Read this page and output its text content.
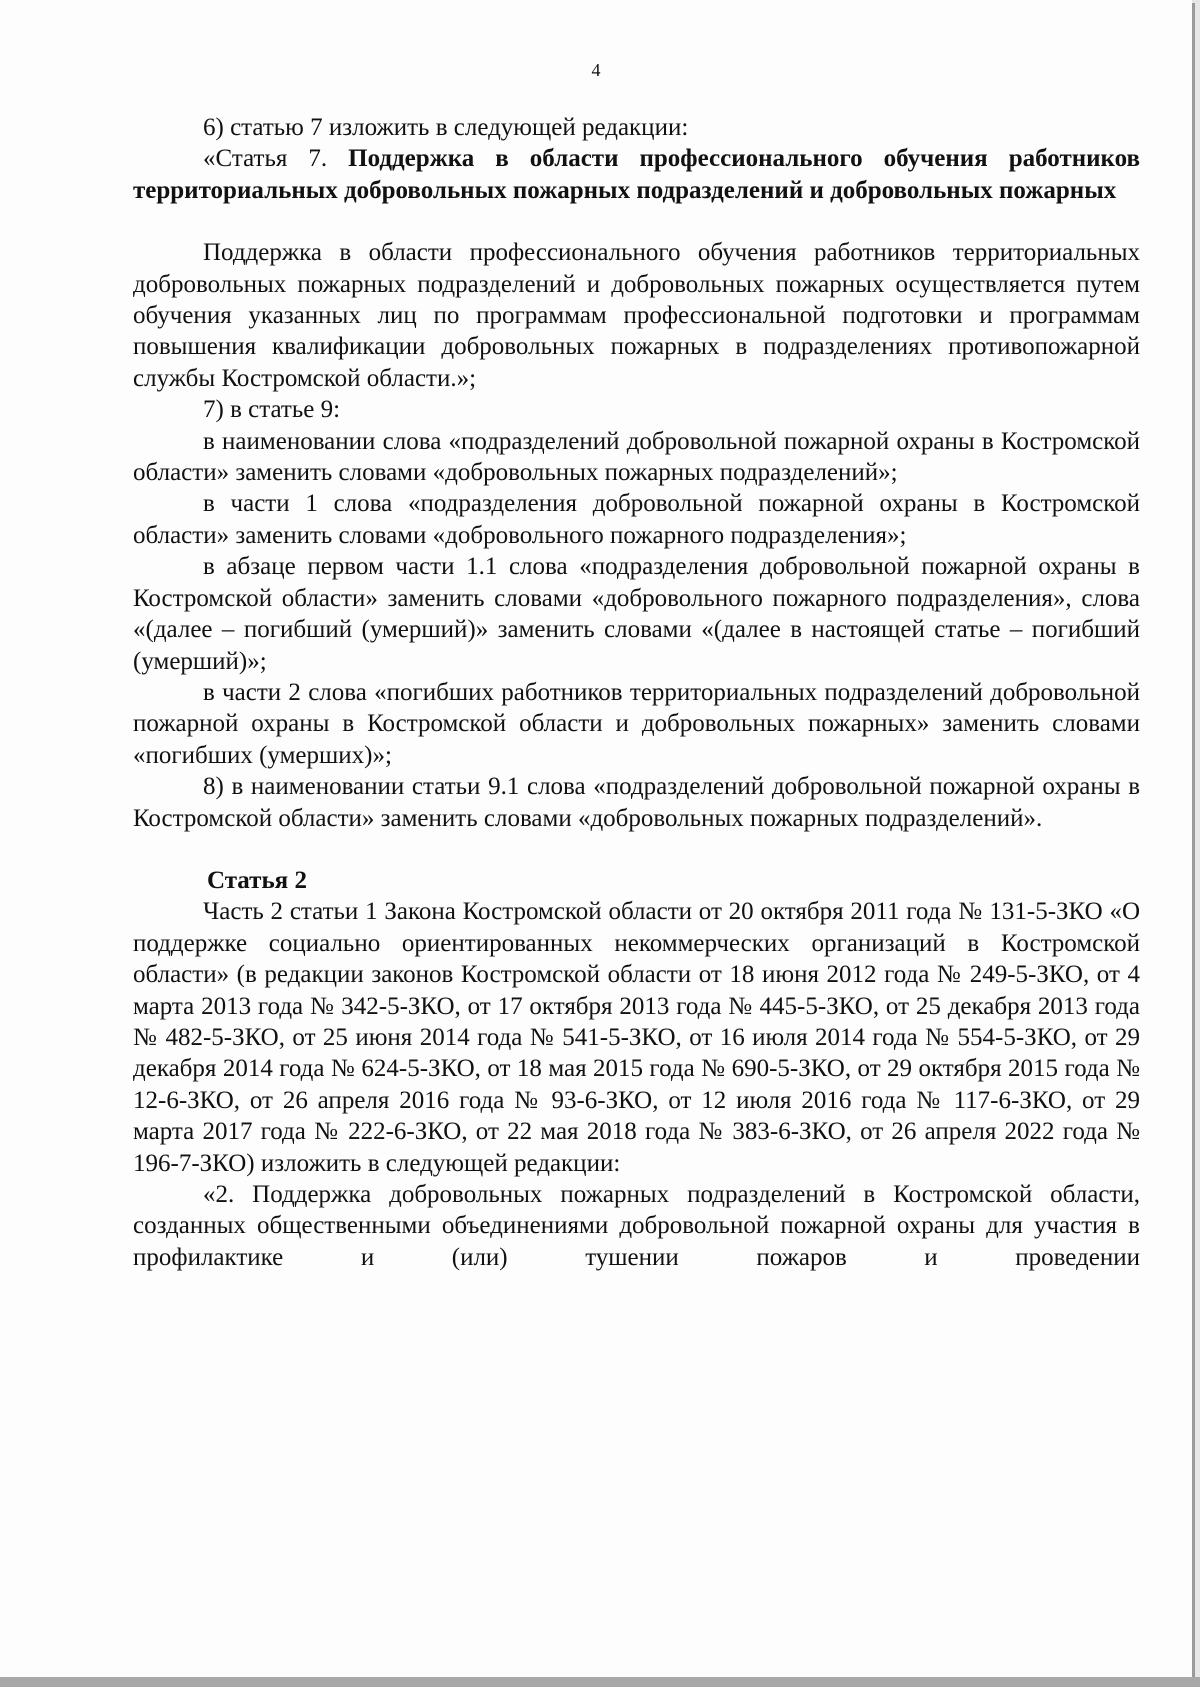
4

6) статью 7 изложить в следующей редакции:

«Статья 7. Поддержка в области профессионального обучения работников территориальных добровольных пожарных подразделений и добровольных пожарных

Поддержка в области профессионального обучения работников территориальных добровольных пожарных подразделений и добровольных пожарных осуществляется путем обучения указанных лиц по программам профессиональной подготовки и программам повышения квалификации добровольных пожарных в подразделениях противопожарной службы Костромской области.»;

7) в статье 9:

в наименовании слова «подразделений добровольной пожарной охраны в Костромской области» заменить словами «добровольных пожарных подразделений»;

в части 1 слова «подразделения добровольной пожарной охраны в Костромской области» заменить словами «добровольного пожарного подразделения»;

в абзаце первом части 1.1 слова «подразделения добровольной пожарной охраны в Костромской области» заменить словами «добровольного пожарного подразделения», слова «(далее – погибший (умерший)» заменить словами «(далее в настоящей статье – погибший (умерший)»;

в части 2 слова «погибших работников территориальных подразделений добровольной пожарной охраны в Костромской области и добровольных пожарных» заменить словами «погибших (умерших)»;

8) в наименовании статьи 9.1 слова «подразделений добровольной пожарной охраны в Костромской области» заменить словами «добровольных пожарных подразделений».

Статья 2

Часть 2 статьи 1 Закона Костромской области от 20 октября 2011 года № 131-5-ЗКО «О поддержке социально ориентированных некоммерческих организаций в Костромской области» (в редакции законов Костромской области от 18 июня 2012 года № 249-5-ЗКО, от 4 марта 2013 года № 342-5-ЗКО, от 17 октября 2013 года № 445-5-ЗКО, от 25 декабря 2013 года № 482-5-ЗКО, от 25 июня 2014 года № 541-5-ЗКО, от 16 июля 2014 года № 554-5-ЗКО, от 29 декабря 2014 года № 624-5-ЗКО, от 18 мая 2015 года № 690-5-ЗКО, от 29 октября 2015 года № 12-6-ЗКО, от 26 апреля 2016 года № 93-6-ЗКО, от 12 июля 2016 года № 117-6-ЗКО, от 29 марта 2017 года № 222-6-ЗКО, от 22 мая 2018 года № 383-6-ЗКО, от 26 апреля 2022 года № 196-7-ЗКО) изложить в следующей редакции:

«2. Поддержка добровольных пожарных подразделений в Костромской области, созданных общественными объединениями добровольной пожарной охраны для участия в профилактике и (или) тушении пожаров и проведении
